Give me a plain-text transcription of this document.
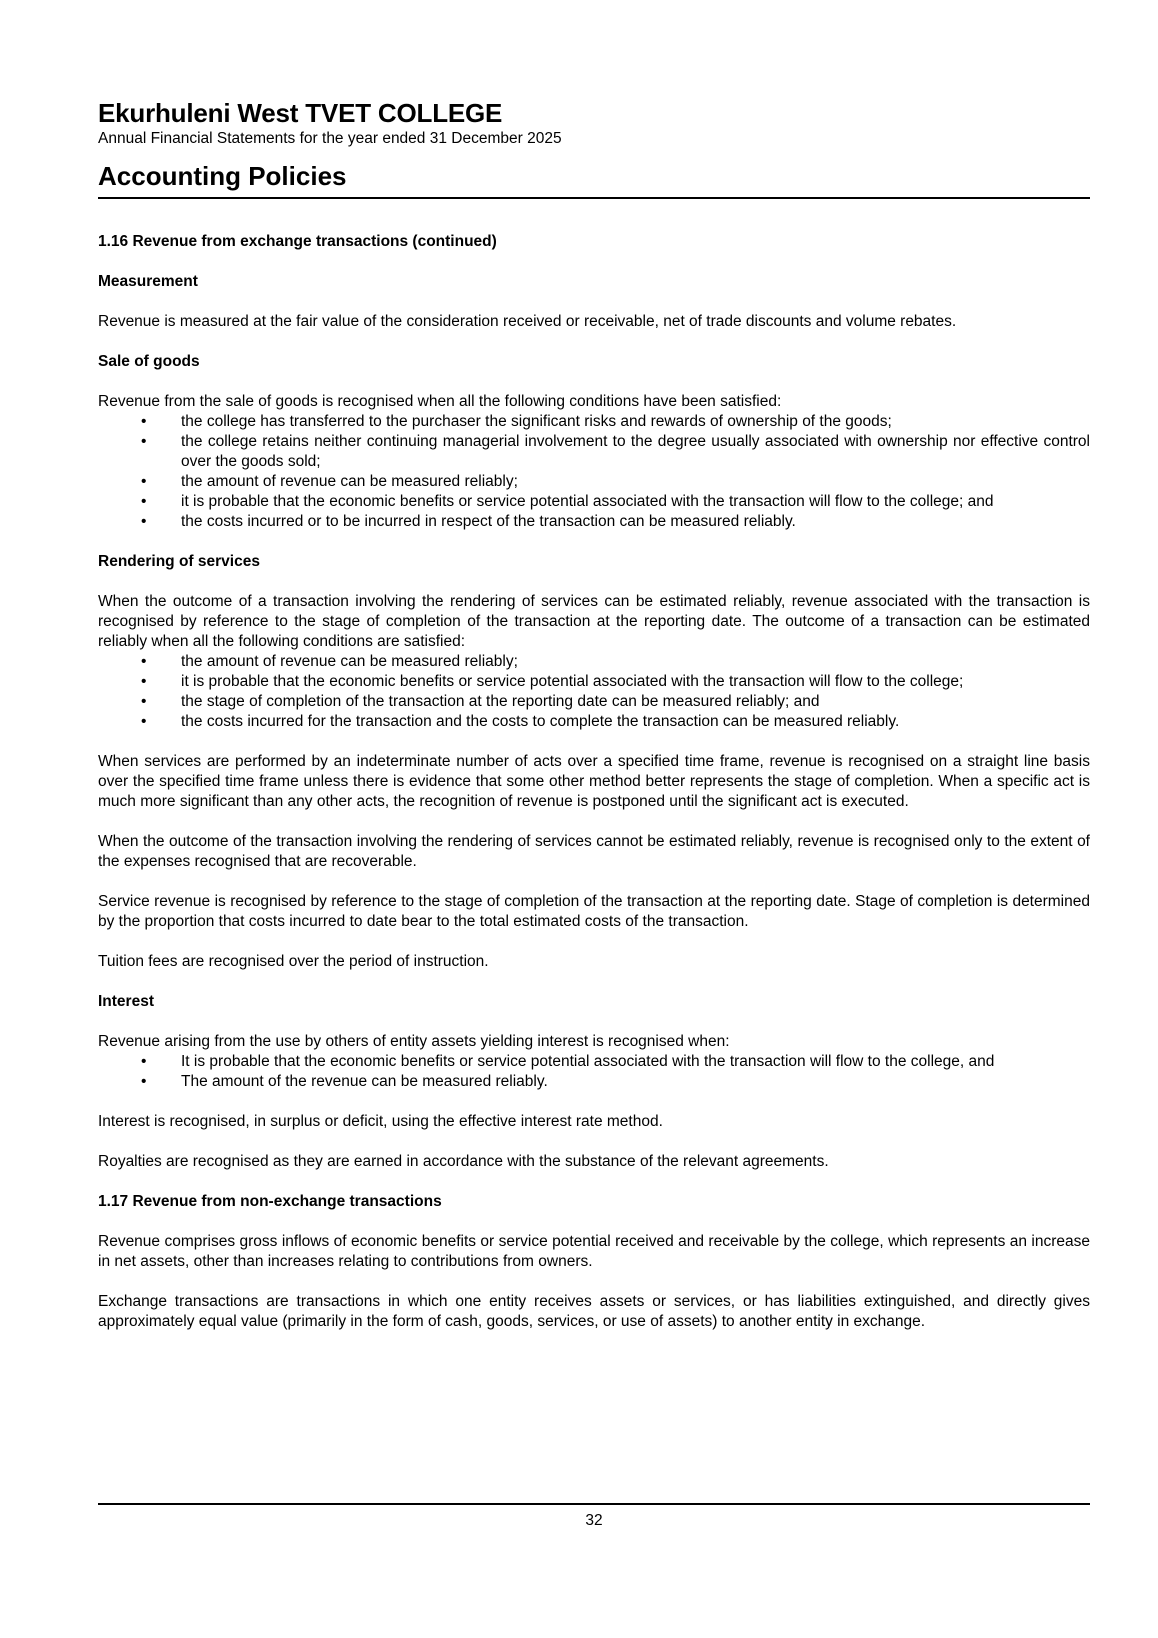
Ekurhuleni West TVET COLLEGE
Annual Financial Statements for the year ended 31 December 2025
Accounting Policies
1.16 Revenue from exchange transactions (continued)
Measurement

Revenue is measured at the fair value of the consideration received or receivable, net of trade discounts and volume rebates.

Sale of goods

Revenue from the sale of goods is recognised when all the following conditions have been satisfied:

• the college has transferred to the purchaser the significant risks and rewards of ownership of the goods;
• the college retains neither continuing managerial involvement to the degree usually associated with ownership nor effective control over the goods sold;
• the amount of revenue can be measured reliably;
• it is probable that the economic benefits or service potential associated with the transaction will flow to the college; and
• the costs incurred or to be incurred in respect of the transaction can be measured reliably.
Rendering of services

When the outcome of a transaction involving the rendering of services can be estimated reliably, revenue associated with the transaction is recognised by reference to the stage of completion of the transaction at the reporting date. The outcome of a transaction can be estimated reliably when all the following conditions are satisfied:

• the amount of revenue can be measured reliably;
• it is probable that the economic benefits or service potential associated with the transaction will flow to the college;
• the stage of completion of the transaction at the reporting date can be measured reliably; and
• the costs incurred for the transaction and the costs to complete the transaction can be measured reliably.

When services are performed by an indeterminate number of acts over a specified time frame, revenue is recognised on a straight line basis over the specified time frame unless there is evidence that some other method better represents the stage of completion. When a specific act is much more significant than any other acts, the recognition of revenue is postponed until the significant act is executed.

When the outcome of the transaction involving the rendering of services cannot be estimated reliably, revenue is recognised only to the extent of the expenses recognised that are recoverable.

Service revenue is recognised by reference to the stage of completion of the transaction at the reporting date. Stage of completion is determined by the proportion that costs incurred to date bear to the total estimated costs of the transaction.

Tuition fees are recognised over the period of instruction.

Interest

Revenue arising from the use by others of entity assets yielding interest is recognised when:

• It is probable that the economic benefits or service potential associated with the transaction will flow to the college, and
• The amount of the revenue can be measured reliably.

Interest is recognised, in surplus or deficit, using the effective interest rate method.

Royalties are recognised as they are earned in accordance with the substance of the relevant agreements.

1.17 Revenue from non-exchange transactions

Revenue comprises gross inflows of economic benefits or service potential received and receivable by the college, which represents an increase in net assets, other than increases relating to contributions from owners.

Exchange transactions are transactions in which one entity receives assets or services, or has liabilities extinguished, and directly gives approximately equal value (primarily in the form of cash, goods, services, or use of assets) to another entity in exchange.

32
